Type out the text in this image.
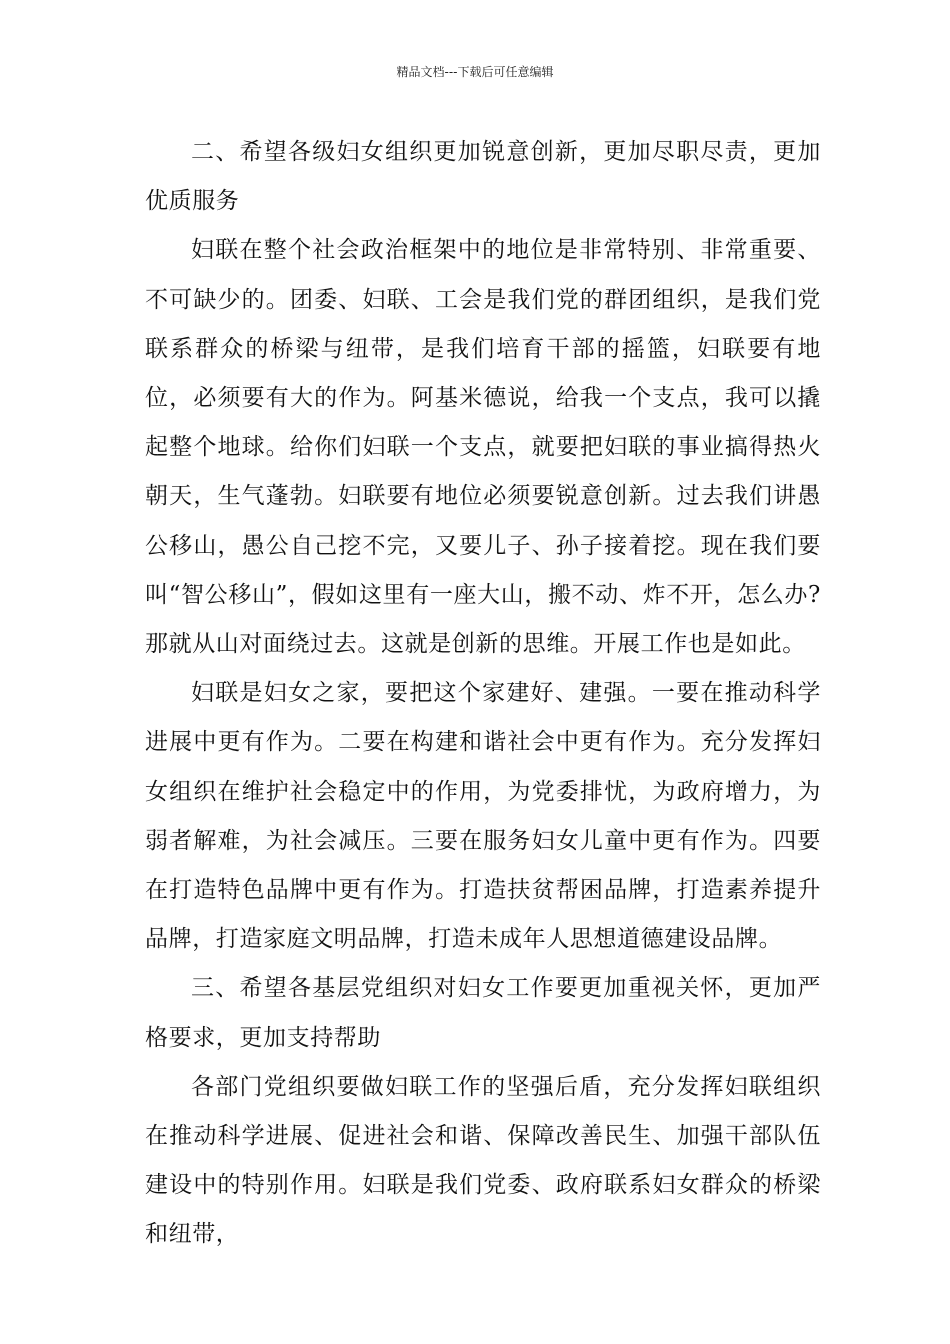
精品文档---下载后可任意编辑

二、希望各级妇女组织更加锐意创新，更加尽职尽责，更加优质服务

妇联在整个社会政治框架中的地位是非常特别、非常重要、不可缺少的。团委、妇联、工会是我们党的群团组织，是我们党联系群众的桥梁与纽带，是我们培育干部的摇篮，妇联要有地位，必须要有大的作为。阿基米德说，给我一个支点，我可以撬起整个地球。给你们妇联一个支点，就要把妇联的事业搞得热火朝天，生气蓬勃。妇联要有地位必须要锐意创新。过去我们讲愚公移山，愚公自己挖不完，又要儿子、孙子接着挖。现在我们要叫“智公移山”，假如这里有一座大山，搬不动、炸不开，怎么办?那就从山对面绕过去。这就是创新的思维。开展工作也是如此。

妇联是妇女之家，要把这个家建好、建强。一要在推动科学进展中更有作为。二要在构建和谐社会中更有作为。充分发挥妇女组织在维护社会稳定中的作用，为党委排忧，为政府增力，为弱者解难，为社会减压。三要在服务妇女儿童中更有作为。四要在打造特色品牌中更有作为。打造扶贫帮困品牌，打造素养提升品牌，打造家庭文明品牌，打造未成年人思想道德建设品牌。

三、希望各基层党组织对妇女工作要更加重视关怀，更加严格要求，更加支持帮助

各部门党组织要做妇联工作的坚强后盾，充分发挥妇联组织在推动科学进展、促进社会和谐、保障改善民生、加强干部队伍建设中的特别作用。妇联是我们党委、政府联系妇女群众的桥梁和纽带，
